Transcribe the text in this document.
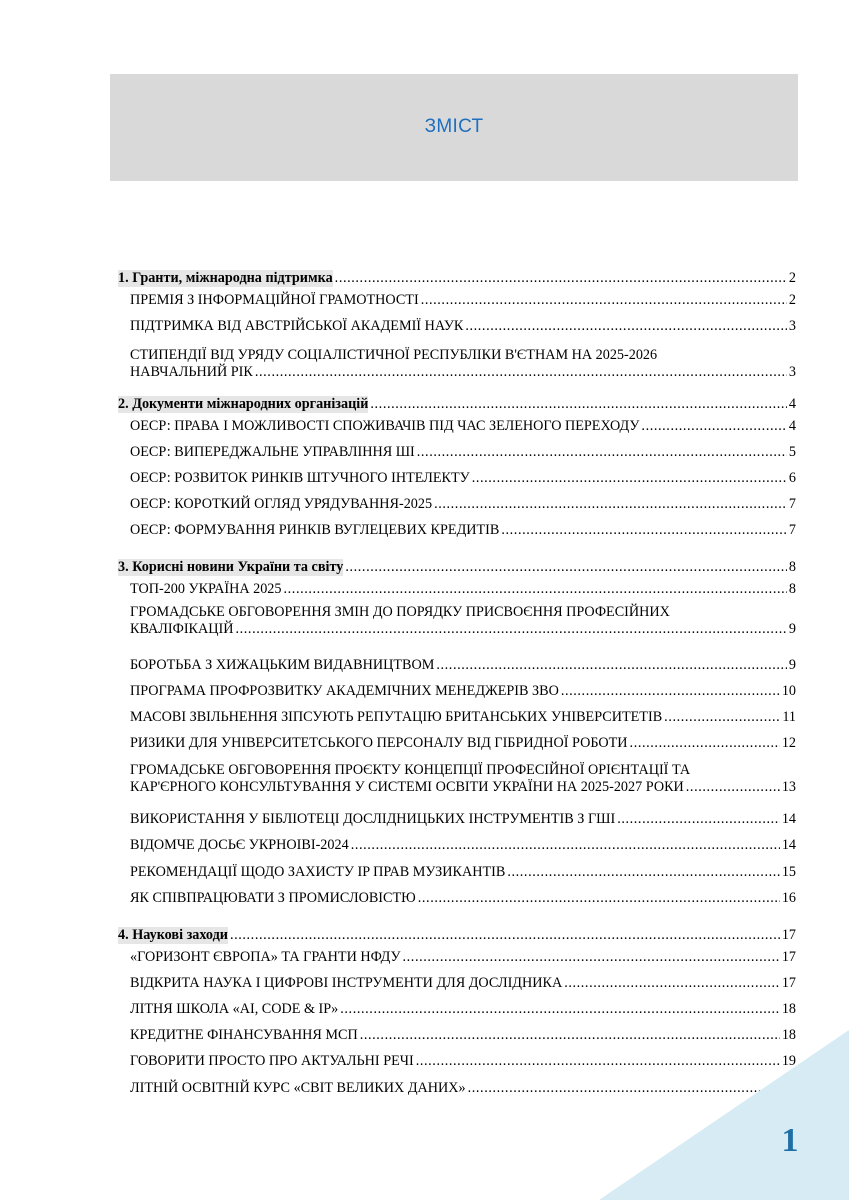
ЗМІСТ
1. Гранти, міжнародна підтримка .....	2
ПРЕМІЯ З ІНФОРМАЦІЙНОЇ ГРАМОТНОСТІ .....	2
ПІДТРИМКА ВІД АВСТРІЙСЬКОЇ АКАДЕМІЇ НАУК .....	3
СТИПЕНДІЇ ВІД УРЯДУ СОЦІАЛІСТИЧНОЇ РЕСПУБЛІКИ В'ЄТНАМ НА 2025-2026
НАВЧАЛЬНИЙ РІК .....	3
2. Документи міжнародних організацій .....	4
ОЕСР: ПРАВА І МОЖЛИВОСТІ СПОЖИВАЧІВ ПІД ЧАС ЗЕЛЕНОГО ПЕРЕХОДУ .....	4
ОЕСР: ВИПЕРЕДЖАЛЬНЕ УПРАВЛІННЯ ШІ .....	5
ОЕСР: РОЗВИТОК РИНКІВ ШТУЧНОГО ІНТЕЛЕКТУ .....	6
ОЕСР: КОРОТКИЙ ОГЛЯД УРЯДУВАННЯ-2025 .....	7
ОЕСР: ФОРМУВАННЯ РИНКІВ ВУГЛЕЦЕВИХ КРЕДИТІВ .....	7
3. Корисні новини України та світу .....	8
ТОП-200 УКРАЇНА 2025 .....	8
ГРОМАДСЬКЕ ОБГОВОРЕННЯ ЗМІН ДО ПОРЯДКУ ПРИСВОЄННЯ ПРОФЕСІЙНИХ
КВАЛІФІКАЦІЙ .....	9
БОРОТЬБА З ХИЖАЦЬКИМ ВИДАВНИЦТВОМ .....	9
ПРОГРАМА ПРОФРОЗВИТКУ АКАДЕМІЧНИХ МЕНЕДЖЕРІВ ЗВО .....	10
МАСОВІ ЗВІЛЬНЕННЯ ЗІПСУЮТЬ РЕПУТАЦІЮ БРИТАНСЬКИХ УНІВЕРСИТЕТІВ .....	11
РИЗИКИ ДЛЯ УНІВЕРСИТЕТСЬКОГО ПЕРСОНАЛУ ВІД ГІБРИДНОЇ РОБОТИ .....	12
ГРОМАДСЬКЕ ОБГОВОРЕННЯ ПРОЄКТУ КОНЦЕПЦІЇ ПРОФЕСІЙНОЇ ОРІЄНТАЦІЇ ТА
КАР'ЄРНОГО КОНСУЛЬТУВАННЯ У СИСТЕМІ ОСВІТИ УКРАЇНИ НА 2025-2027 РОКИ .....	13
ВИКОРИСТАННЯ У БІБЛІОТЕЦІ ДОСЛІДНИЦЬКИХ ІНСТРУМЕНТІВ З ГШІ .....	14
ВІДОМЧЕ ДОСЬЄ УКРНОІВІ-2024 .....	14
РЕКОМЕНДАЦІЇ ЩОДО ЗАХИСТУ IP ПРАВ МУЗИКАНТІВ .....	15
ЯК СПІВПРАЦЮВАТИ З ПРОМИСЛОВІСТЮ .....	16
4. Наукові заходи .....	17
«ГОРИЗОНТ ЄВРОПА» ТА ГРАНТИ НФДУ .....	17
ВІДКРИТА НАУКА І ЦИФРОВІ ІНСТРУМЕНТИ ДЛЯ ДОСЛІДНИКА .....	17
ЛІТНЯ ШКОЛА «AI, CODE & IP» .....	18
КРЕДИТНЕ ФІНАНСУВАННЯ МСП .....	18
ГОВОРИТИ ПРОСТО ПРО АКТУАЛЬНІ РЕЧІ .....	19
ЛІТНІЙ ОСВІТНІЙ КУРС «СВІТ ВЕЛИКИХ ДАНИХ»
.....
1
